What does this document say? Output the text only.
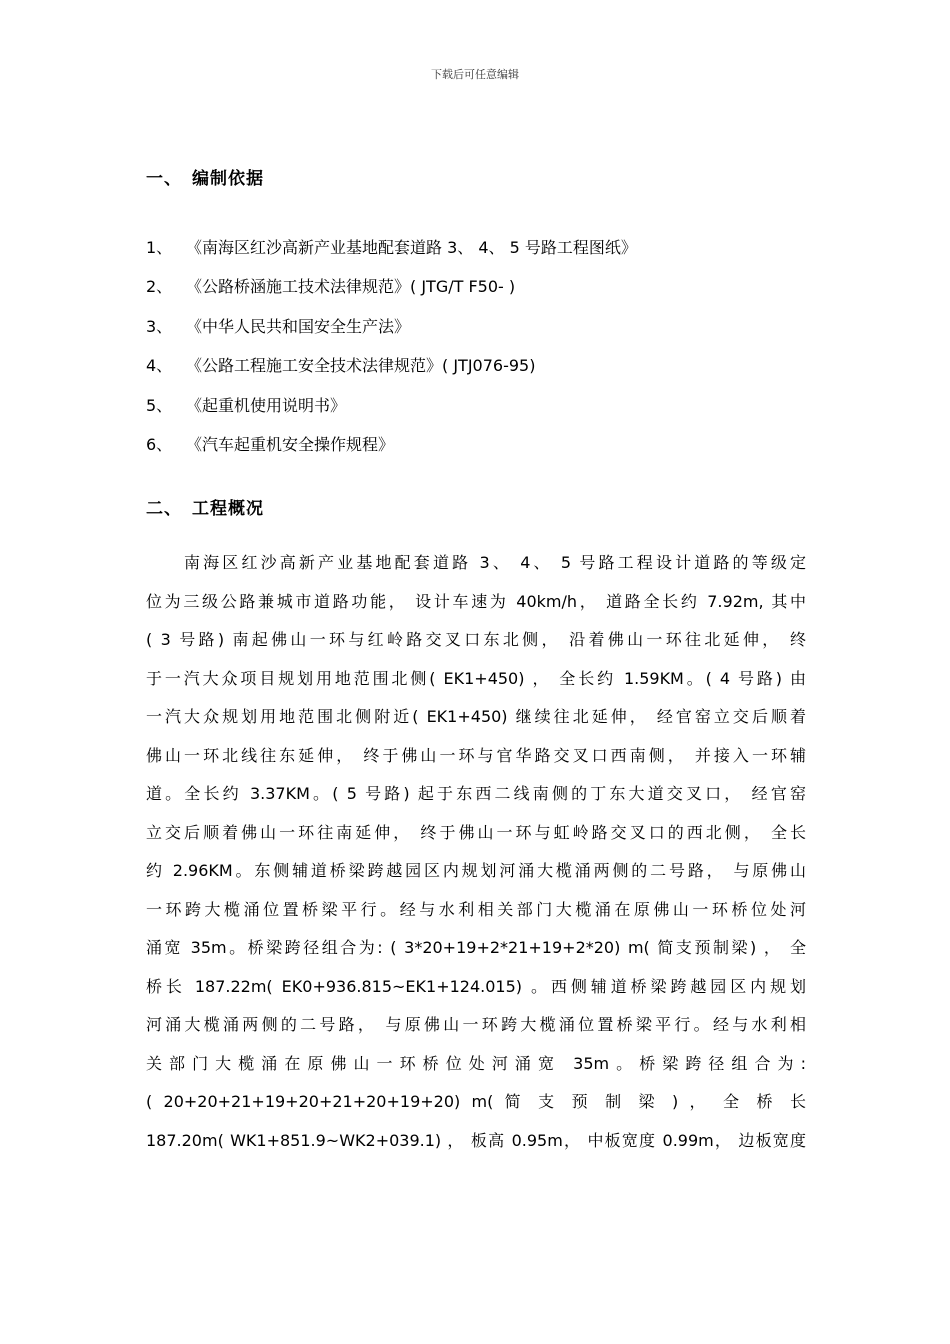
下载后可任意编辑
一、 编制依据
1、 《南海区红沙高新产业基地配套道路 3、 4、 5 号路工程图纸》
2、 《公路桥涵施工技术法律规范》( JTG/T F50- )
3、 《中华人民共和国安全生产法》
4、 《公路工程施工安全技术法律规范》( JTJ076-95)
5、 《起重机使用说明书》
6、 《汽车起重机安全操作规程》
二、 工程概况
南海区红沙高新产业基地配套道路 3、 4、 5 号路工程设计道路的等级定
位为三级公路兼城市道路功能， 设计车速为 40km/h， 道路全长约 7.92m, 其中
( 3 号路) 南起佛山一环与红岭路交叉口东北侧， 沿着佛山一环往北延伸， 终
于一汽大众项目规划用地范围北侧( EK1+450) ， 全长约 1.59KM。( 4 号路) 由
一汽大众规划用地范围北侧附近( EK1+450) 继续往北延伸， 经官窑立交后顺着
佛山一环北线往东延伸， 终于佛山一环与官华路交叉口西南侧， 并接入一环辅
道。全长约 3.37KM。( 5 号路) 起于东西二线南侧的丁东大道交叉口， 经官窑
立交后顺着佛山一环往南延伸， 终于佛山一环与虹岭路交叉口的西北侧， 全长
约 2.96KM。东侧辅道桥梁跨越园区内规划河涌大榄涌两侧的二号路， 与原佛山
一环跨大榄涌位置桥梁平行。经与水利相关部门大榄涌在原佛山一环桥位处河
涌宽 35m。桥梁跨径组合为: ( 3*20+19+2*21+19+2*20) m( 简支预制梁) ， 全
桥长 187.22m( EK0+936.815~EK1+124.015) 。西侧辅道桥梁跨越园区内规划
河涌大榄涌两侧的二号路， 与原佛山一环跨大榄涌位置桥梁平行。经与水利相
关部门大榄涌在原佛山一环桥位处河涌宽 35m。桥梁跨径组合为:
( 20+20+21+19+20+21+20+19+20) m( 简 支 预 制 梁 ) ， 全 桥 长
187.20m( WK1+851.9~WK2+039.1) ， 板高 0.95m， 中板宽度 0.99m， 边板宽度
